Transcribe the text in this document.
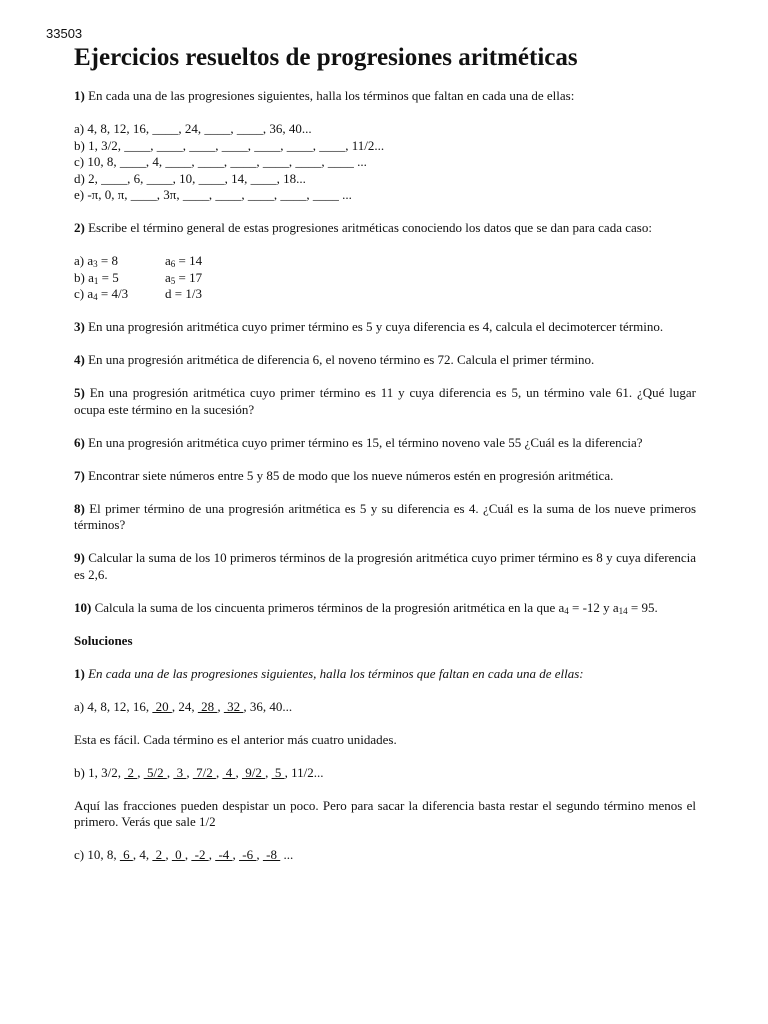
33503
Ejercicios resueltos de progresiones aritméticas

1) En cada una de las progresiones siguientes, halla los términos que faltan en cada una de ellas:

a) 4, 8, 12, 16, ____, 24, ____, ____, 36, 40...

b) 1, 3/2, ____, ____, ____, ____, ____, ____, ____, 11/2...

c) 10, 8, ____, 4, ____, ____, ____, ____, ____, ____ ...

d) 2, ____, 6, ____, 10, ____, 14, ____, 18...

e) -π, 0, π, ____, 3π, ____, ____, ____, ____, ____ ...

2) Escribe el término general de estas progresiones aritméticas conociendo los datos que se dan para cada caso:

a) $a_3 = 8$	$a_6 = 14$
b) $a_1 = 5$	$a_5 = 17$
c) $a_4 = 4/3$	d = 1/3

3) En una progresión aritmética cuyo primer término es 5 y cuya diferencia es 4, calcula el decimotercer término.

4) En una progresión aritmética de diferencia 6, el noveno término es 72. Calcula el primer término.

5) En una progresión aritmética cuyo primer término es 11 y cuya diferencia es 5, un término vale 61. ¿Qué lugar ocupa este término en la sucesión?

6) En una progresión aritmética cuyo primer término es 15, el término noveno vale 55 ¿Cuál es la diferencia?

7) Encontrar siete números entre 5 y 85 de modo que los nueve números estén en progresión aritmética.

8) El primer término de una progresión aritmética es 5 y su diferencia es 4. ¿Cuál es la suma de los nueve primeros términos?

9) Calcular la suma de los 10 primeros términos de la progresión aritmética cuyo primer término es 8 y cuya diferencia es 2,6.

10) Calcula la suma de los cincuenta primeros términos de la progresión aritmética en la que $a_4 = -12$ y $a_{14} = 95$.

Soluciones

1) En cada una de las progresiones siguientes, halla los términos que faltan en cada una de ellas:

a) 4, 8, 12, 16,  20 , 24,  28 ,  32 , 36, 40...

Esta es fácil. Cada término es el anterior más cuatro unidades.

b) 1, 3/2,  2 ,  5/2 ,  3 ,  7/2 ,  4 ,  9/2 ,  5 , 11/2...

Aquí las fracciones pueden despistar un poco. Pero para sacar la diferencia basta restar el segundo término menos el primero. Verás que sale 1/2

c) 10, 8,  6 , 4,  2 ,  0 ,  -2 ,  -4 ,  -6 ,  -8  ...
